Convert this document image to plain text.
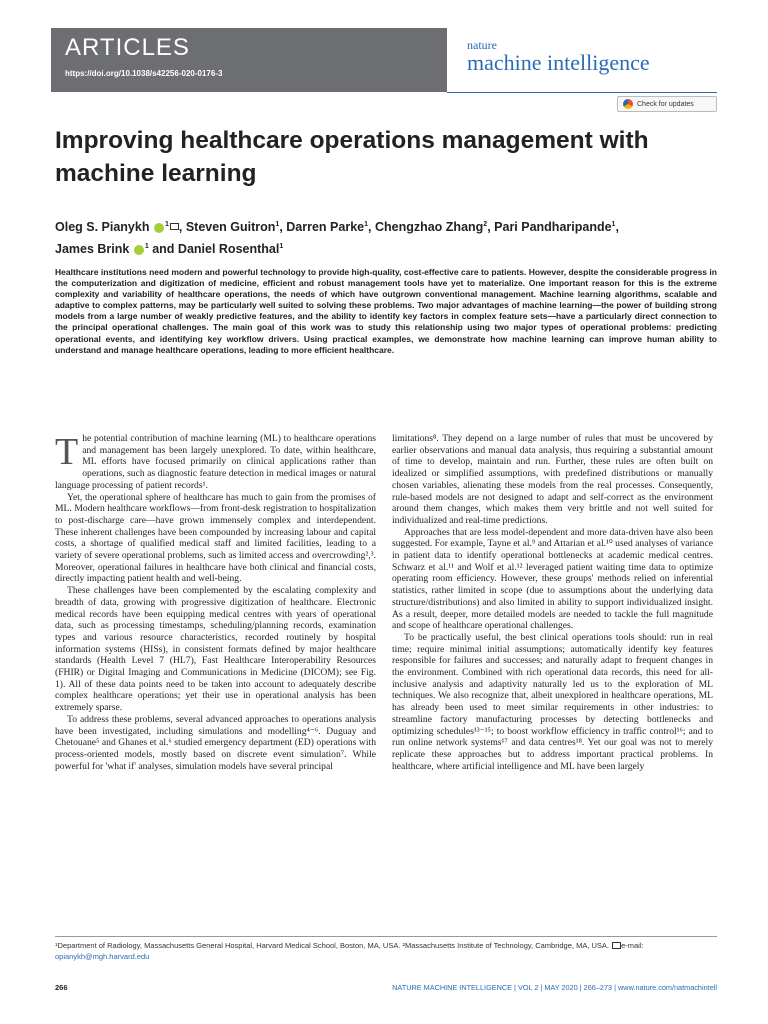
ARTICLES
https://doi.org/10.1038/s42256-020-0176-3
nature
machine intelligence
Check for updates
Improving healthcare operations management with machine learning
Oleg S. Pianykh $^1$ , Steven Guitron$^1$, Darren Parke$^1$, Chengzhao Zhang$^2$, Pari Pandharipande$^1$,
James Brink $^1$ and Daniel Rosenthal$^1$
Healthcare institutions need modern and powerful technology to provide high-quality, cost-effective care to patients. However, despite the considerable progress in the computerization and digitization of medicine, efficient and robust management tools have yet to materialize. One important reason for this is the extreme complexity and variability of healthcare operations, the needs of which have outgrown conventional management. Machine learning algorithms, scalable and adaptive to complex patterns, may be particularly well suited to solving these problems. Two major advantages of machine learning—the power of building strong models from a large number of weakly predictive features, and the ability to identify key factors in complex feature sets—have a particularly direct connection to the principal operational challenges. The main goal of this work was to study this relationship using two major types of operational problems: predicting operational events, and identifying key workflow drivers. Using practical examples, we demonstrate how machine learning can improve human ability to understand and manage healthcare operations, leading to more efficient healthcare.

The potential contribution of machine learning (ML) to healthcare operations and management has been largely unexplored. To date, within healthcare, ML efforts have focused primarily on clinical applications rather than operations, such as diagnostic feature detection in medical images or natural language processing of patient records¹.

Yet, the operational sphere of healthcare has much to gain from the promises of ML. Modern healthcare workflows—from front-desk registration to hospitalization to post-discharge care—have grown immensely complex and interdependent. These inherent challenges have been compounded by increasing labour and capital costs, a shortage of qualified medical staff and limited facilities, leading to a variety of severe operational problems, such as limited access and overcrowding²,³. Moreover, operational failures in healthcare have both clinical and financial costs, directly impacting patient health and well-being.

These challenges have been complemented by the escalating complexity and breadth of data, growing with progressive digitization of healthcare. Electronic medical records have been equipping medical centres with years of operational data, such as processing timestamps, scheduling/planning records, examination types and various resource characteristics, recorded routinely by hospital information systems (HISs), in consistent formats defined by major healthcare standards (Health Level 7 (HL7), Fast Healthcare Interoperability Resources (FHIR) or Digital Imaging and Communications in Medicine (DICOM); see Fig. 1). All of these data points need to be taken into account to adequately describe complex healthcare operations; yet their use in operational analysis has been extremely sparse.

To address these problems, several advanced approaches to operations analysis have been investigated, including simulations and modelling⁴⁻⁶. Duguay and Chetouane⁵ and Ghanes et al.⁶ studied emergency department (ED) operations with process-oriented models, mostly based on discrete event simulation⁷. While powerful for 'what if' analyses, simulation models have several principal

limitations⁸. They depend on a large number of rules that must be uncovered by earlier observations and manual data analysis, thus requiring a substantial amount of time to develop, maintain and run. Further, these rules are often built on idealized or simplified assumptions, with predefined distributions or manually chosen variables, alienating these models from the real processes. Consequently, rule-based models are not designed to adapt and self-correct as the environment around them changes, which makes them very brittle and not well suited for individualized and real-time predictions.

Approaches that are less model-dependent and more data-driven have also been suggested. For example, Tayne et al.⁹ and Attarian et al.¹⁰ used analyses of variance in patient data to identify operational bottlenecks at academic medical centres. Schwarz et al.¹¹ and Wolf et al.¹² leveraged patient waiting time data to optimize operating room efficiency. However, these groups' methods relied on inferential statistics, rather limited in scope (due to assumptions about the underlying data structure/distributions) and also limited in ability to support individualized insight. As a result, deeper, more detailed models are needed to tackle the full magnitude and scope of healthcare operational challenges.

To be practically useful, the best clinical operations tools should: run in real time; require minimal initial assumptions; automatically identify key features responsible for failures and successes; and naturally adapt to frequent changes in the environment. Combined with rich operational data records, this need for all-inclusive analysis and adaptivity naturally led us to the exploration of ML techniques. We also recognize that, albeit unexplored in healthcare operations, ML has already been used to meet similar requirements in other industries: to streamline factory manufacturing processes by detecting bottlenecks and optimizing schedules¹³⁻¹⁵; to boost workflow efficiency in traffic control¹⁶; and to run online network systems¹⁷ and data centres¹⁸. Yet our goal was not to merely replicate these approaches but to address important practical problems. In healthcare, where artificial intelligence and ML have been largely

¹Department of Radiology, Massachusetts General Hospital, Harvard Medical School, Boston, MA, USA. ²Massachusetts Institute of Technology, Cambridge, MA, USA. e-mail: opianykh@mgh.harvard.edu
266	NATURE MACHINE INTELLIGENCE | VOL 2 | MAY 2020 | 266–273 | www.nature.com/natmachintell
